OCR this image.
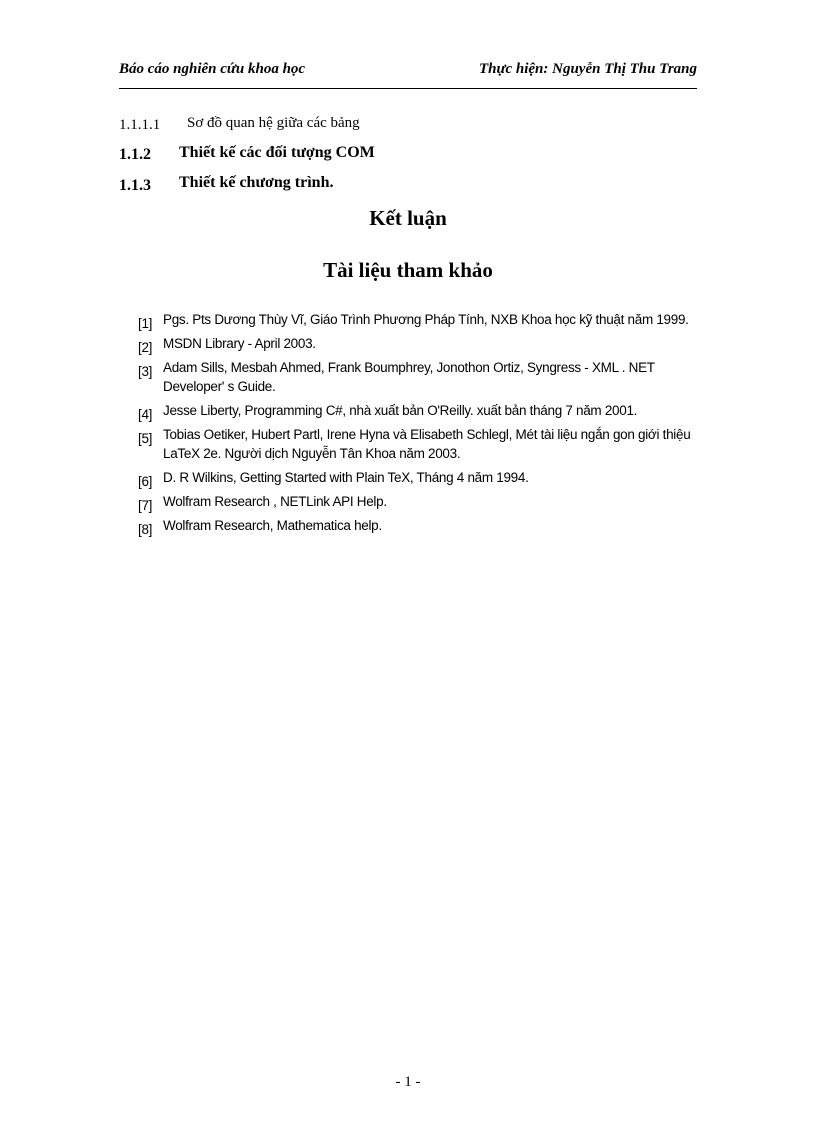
Báo cáo nghiên cứu khoa học	Thực hiện: Nguyễn Thị Thu Trang
1.1.1.1 Sơ đồ quan hệ giữa các bảng
1.1.2 Thiết kế các đối tượng COM
1.1.3 Thiết kế chương trình.
Kết luận
Tài liệu tham khảo
[1] Pgs. Pts Dương Thùy Vĩ, Giáo Trình Phương Pháp Tính, NXB Khoa học kỹ thuật năm 1999.
[2] MSDN Library - April 2003.
[3] Adam Sills, Mesbah Ahmed, Frank Boumphrey, Jonothon Ortiz, Syngress - XML . NET Developer' s Guide.
[4] Jesse Liberty, Programming C#, nhà xuất bản O'Reilly. xuất bản tháng 7 năm 2001.
[5] Tobias Oetiker, Hubert Partl, Irene Hyna và Elisabeth Schlegl, Mét tài liệu ngắn gon giới thiệu LaTeX 2e. Người dịch Nguyễn Tân Khoa năm 2003.
[6] D. R Wilkins, Getting Started with Plain TeX, Tháng 4 năm 1994.
[7] Wolfram Research , NETLink API Help.
[8] Wolfram Research, Mathematica help.
- 1 -
